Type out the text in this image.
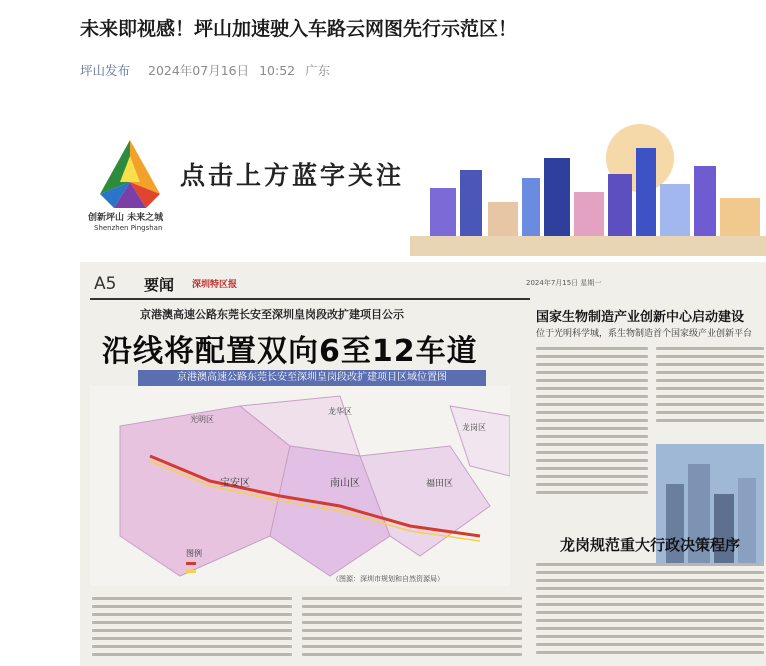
未来即视感！坪山加速驶入车路云网图先行示范区！
坪山发布 2024年07月16日 10:52 广东
创新坪山 未来之城
Shenzhen Pingshan
点击上方蓝字关注
A5 要闻 深圳特区报	2024年7月15日 星期一
京港澳高速公路东莞长安至深圳皇岗段改扩建项目公示
沿线将配置双向6至12车道
京港澳高速公路东莞长安至深圳皇岗段改扩建项目区域位置图
光明区
龙华区
宝安区	南山区	福田区
龙岗区
图例
（图源：深圳市规划和自然资源局）
国家生物制造产业创新中心启动建设
位于光明科学城，系生物制造首个国家级产业创新平台
龙岗规范重大行政决策程序
